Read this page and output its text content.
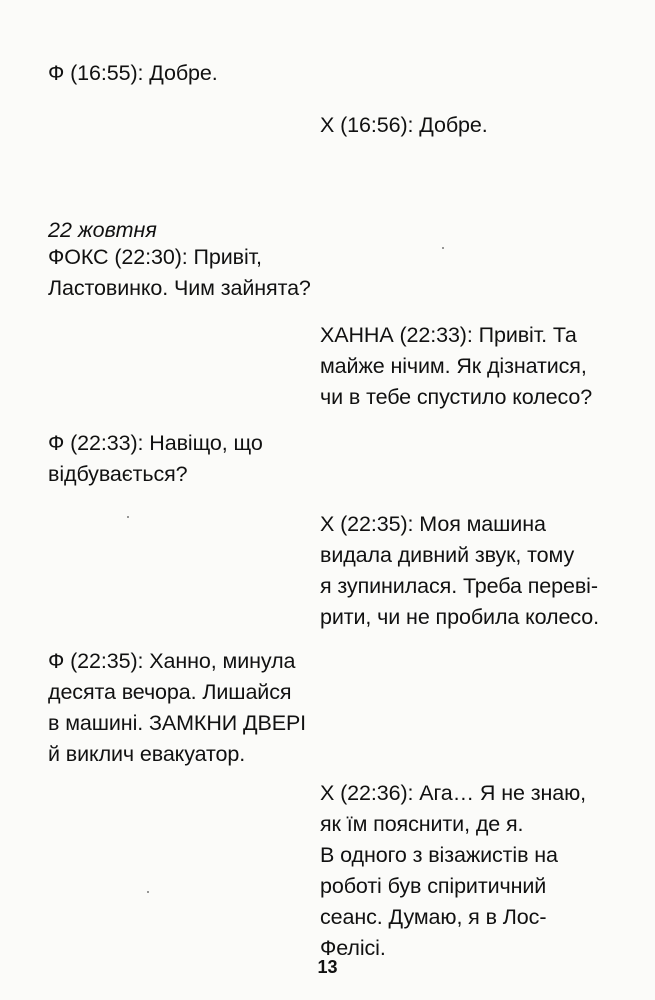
Ф (16:55): Добре.

Х (16:56): Добре.

22 жовтня

ФОКС (22:30): Привіт,
Ластовинко. Чим зайнята?

ХАННА (22:33): Привіт. Та
майже нічим. Як дізнатися,
чи в тебе спустило колесо?

Ф (22:33): Навіщо, що
відбувається?

Х (22:35): Моя машина
видала дивний звук, тому
я зупинилася. Треба переві-
рити, чи не пробила колесо.

Ф (22:35): Ханно, минула
десята вечора. Лишайся
в машині. ЗАМКНИ ДВЕРІ
й виклич евакуатор.

Х (22:36): Ага… Я не знаю,
як їм пояснити, де я.
В одного з візажистів на
роботі був спіритичний
сеанс. Думаю, я в Лос-
Фелісі.

13
